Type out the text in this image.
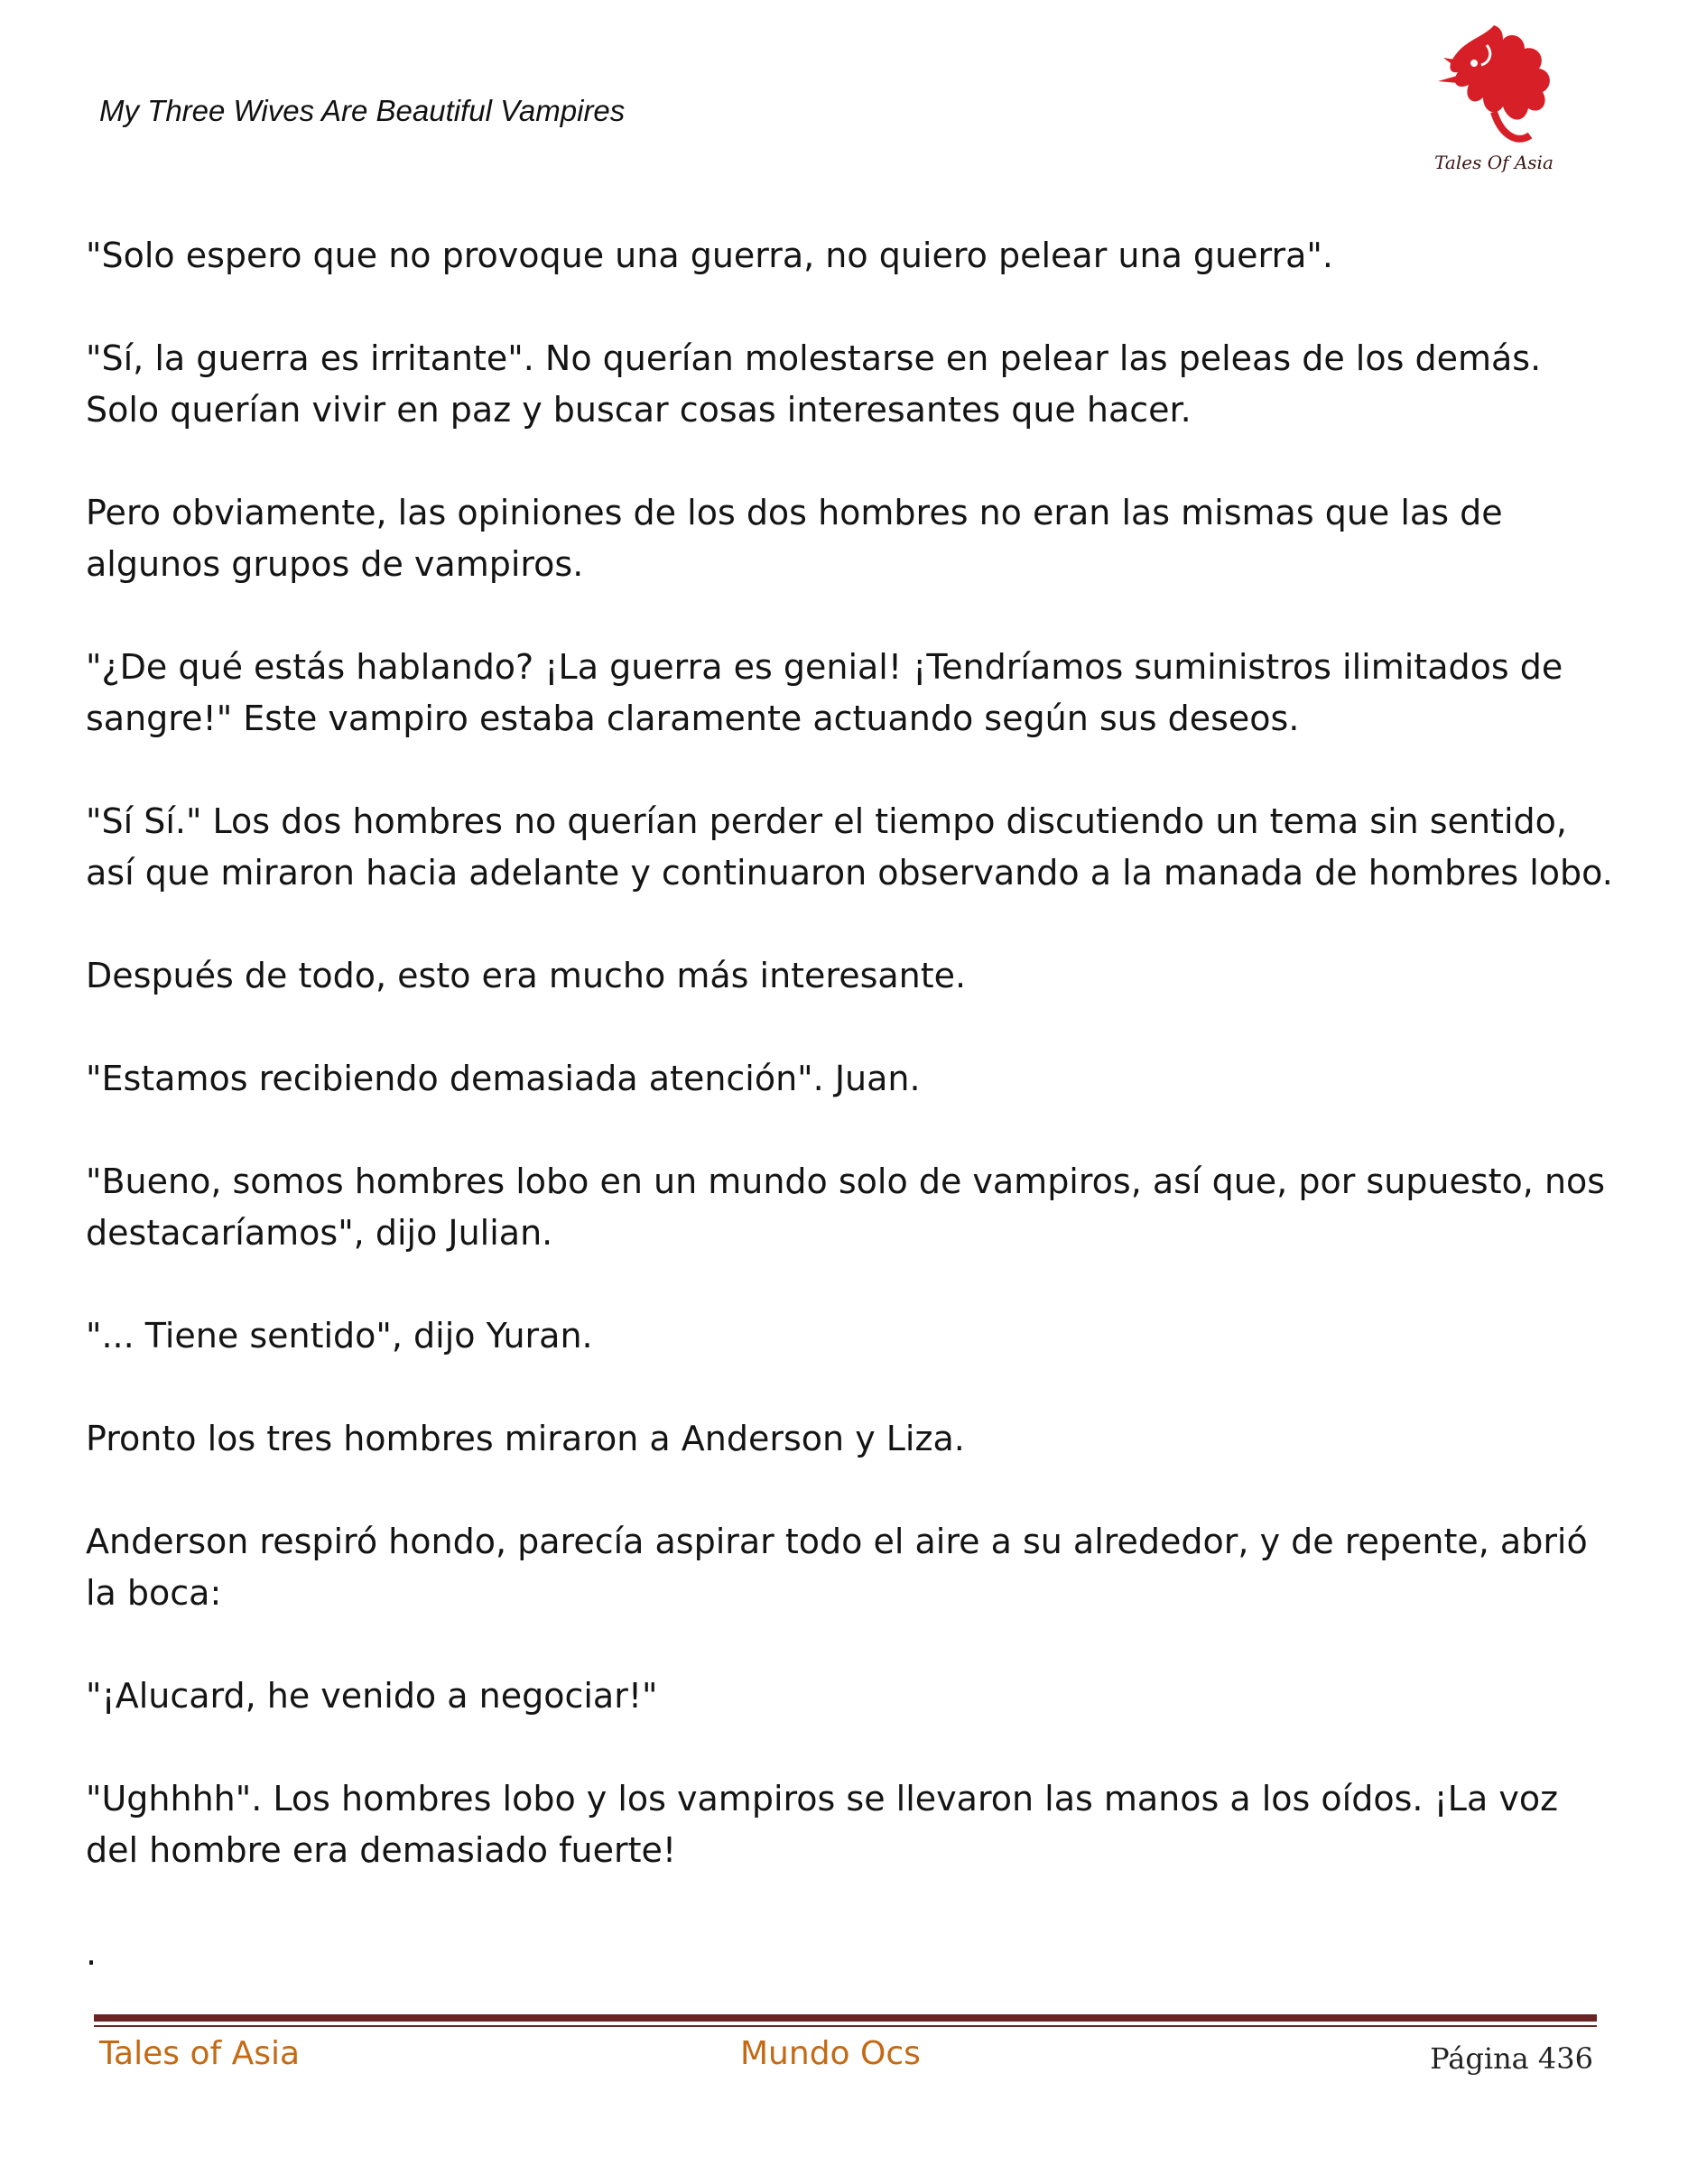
My Three Wives Are Beautiful Vampires
Tales Of Asia

"Solo espero que no provoque una guerra, no quiero pelear una guerra".

"Sí, la guerra es irritante". No querían molestarse en pelear las peleas de los demás. Solo querían vivir en paz y buscar cosas interesantes que hacer.

Pero obviamente, las opiniones de los dos hombres no eran las mismas que las de algunos grupos de vampiros.

"¿De qué estás hablando? ¡La guerra es genial! ¡Tendríamos suministros ilimitados de sangre!" Este vampiro estaba claramente actuando según sus deseos.

"Sí Sí." Los dos hombres no querían perder el tiempo discutiendo un tema sin sentido, así que miraron hacia adelante y continuaron observando a la manada de hombres lobo.

Después de todo, esto era mucho más interesante.

"Estamos recibiendo demasiada atención". Juan.

"Bueno, somos hombres lobo en un mundo solo de vampiros, así que, por supuesto, nos destacaríamos", dijo Julian.

"... Tiene sentido", dijo Yuran.

Pronto los tres hombres miraron a Anderson y Liza.

Anderson respiró hondo, parecía aspirar todo el aire a su alrededor, y de repente, abrió la boca:

"¡Alucard, he venido a negociar!"

"Ughhhh". Los hombres lobo y los vampiros se llevaron las manos a los oídos. ¡La voz del hombre era demasiado fuerte!

.

Tales of Asia	Mundo Ocs	Página 436
